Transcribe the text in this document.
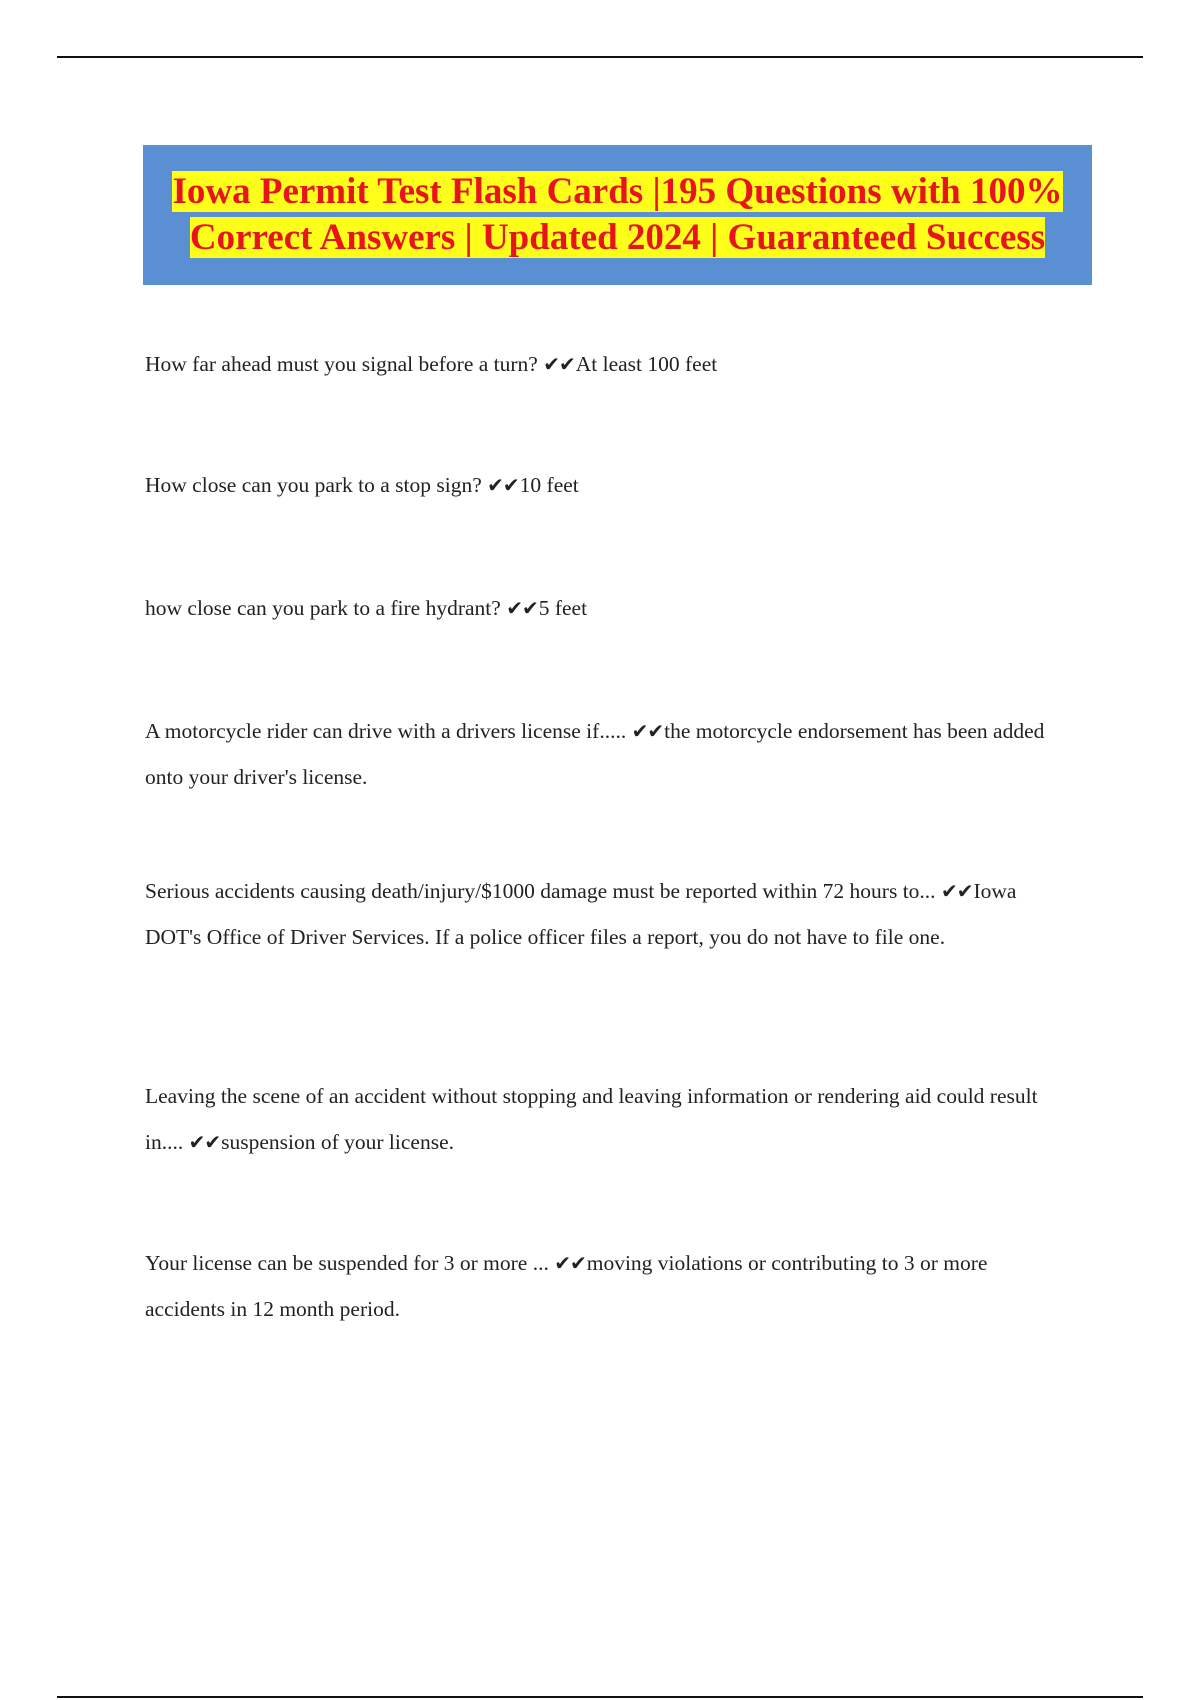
Iowa Permit Test Flash Cards |195 Questions with 100% Correct Answers | Updated 2024 | Guaranteed Success

How far ahead must you signal before a turn? ✔✔At least 100 feet

How close can you park to a stop sign? ✔✔10 feet

how close can you park to a fire hydrant? ✔✔5 feet

A motorcycle rider can drive with a drivers license if..... ✔✔the motorcycle endorsement has been added onto your driver's license.

Serious accidents causing death/injury/$1000 damage must be reported within 72 hours to... ✔✔Iowa DOT's Office of Driver Services. If a police officer files a report, you do not have to file one.

Leaving the scene of an accident without stopping and leaving information or rendering aid could result in.... ✔✔suspension of your license.

Your license can be suspended for 3 or more ... ✔✔moving violations or contributing to 3 or more accidents in 12 month period.
